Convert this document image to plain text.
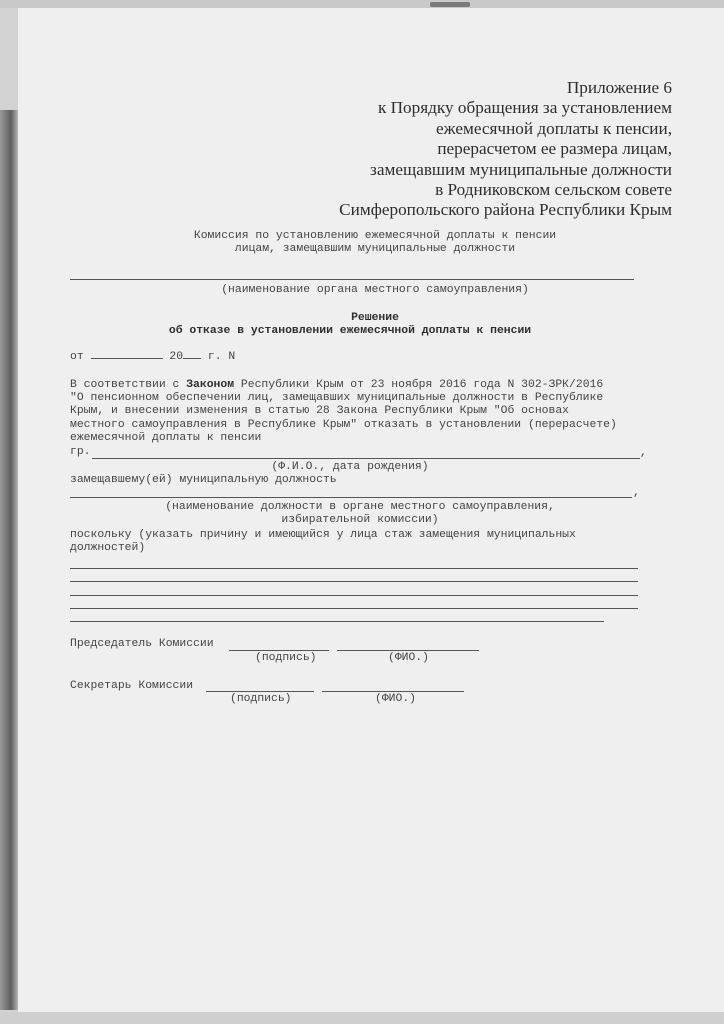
Приложение 6
к Порядку обращения за установлением
ежемесячной доплаты к пенсии,
перерасчетом ее размера лицам,
замещавшим муниципальные должности
в Родниковском сельском совете
Симферопольского района Республики Крым
Комиссия по установлению ежемесячной доплаты к пенсии
лицам, замещавшим муниципальные должности
(наименование органа местного самоуправления)
Решение
об отказе в установлении ежемесячной доплаты к пенсии
от	20 г. N
В соответствии с Законом Республики Крым от 23 ноября 2016 года N 302-ЗРК/2016
"О пенсионном обеспечении лиц, замещавших муниципальные должности в Республике
Крым, и внесении изменения в статью 28 Закона Республики Крым "Об основах
местного самоуправления в Республике Крым" отказать в установлении (перерасчете)
ежемесячной доплаты к пенсии
гр.	,
(Ф.И.О., дата рождения)
замещавшему(ей) муниципальную должность
,
(наименование должности в органе местного самоуправления,
избирательной комиссии)
поскольку (указать причину и имеющийся у лица стаж замещения муниципальных
должностей)
Председатель Комиссии
(подпись)	(ФИО.)
Секретарь Комиссии
(подпись)	(ФИО.)
